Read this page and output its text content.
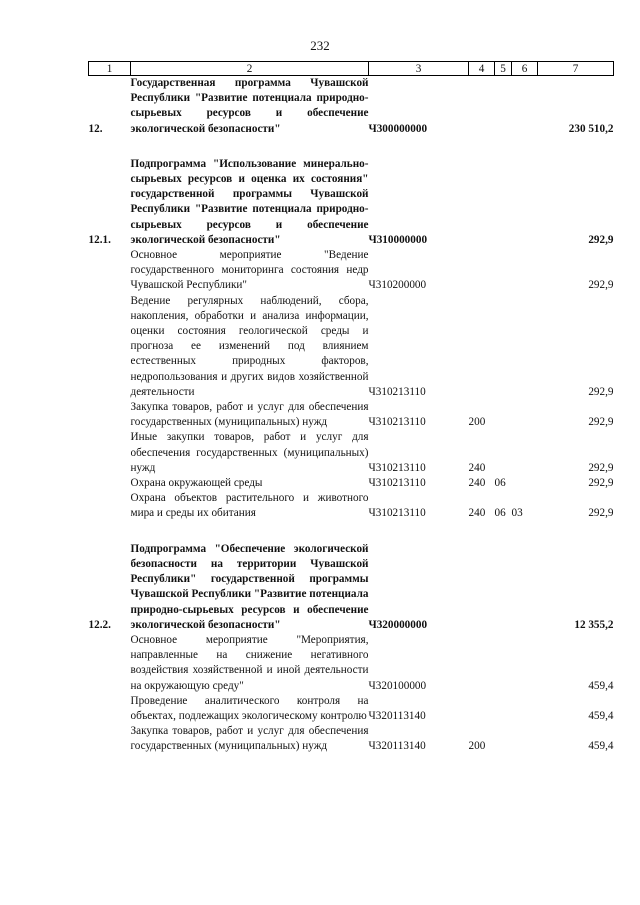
232
1	2	3	4	5	6	7
12.	Государственная программа Чувашской Республики "Развитие потенциала природно-сырьевых ресурсов и обеспечение экологической безопасности"	Ч300000000				230 510,2

12.1.	Подпрограмма "Использование минерально-сырьевых ресурсов и оценка их состояния" государственной программы Чувашской Республики "Развитие потенциала природно-сырьевых ресурсов и обеспечение экологической безопасности"	Ч310000000				292,9
	Основное мероприятие "Ведение государственного мониторинга состояния недр Чувашской Республики"	Ч310200000				292,9
	Ведение регулярных наблюдений, сбора, накопления, обработки и анализа информации, оценки состояния геологической среды и прогноза ее изменений под влиянием естественных природных факторов, недропользования и других видов хозяйственной деятельности	Ч310213110				292,9
	Закупка товаров, работ и услуг для обеспечения государственных (муниципальных) нужд	Ч310213110	200			292,9
	Иные закупки товаров, работ и услуг для обеспечения государственных (муниципальных) нужд	Ч310213110	240			292,9
	Охрана окружающей среды	Ч310213110	240	06		292,9
	Охрана объектов растительного и животного мира и среды их обитания	Ч310213110	240	06	03	292,9

12.2.	Подпрограмма "Обеспечение экологической безопасности на территории Чувашской Республики" государственной программы Чувашской Республики "Развитие потенциала природно-сырьевых ресурсов и обеспечение экологической безопасности"	Ч320000000				12 355,2
	Основное мероприятие "Мероприятия, направленные на снижение негативного воздействия хозяйственной и иной деятельности на окружающую среду"	Ч320100000				459,4
	Проведение аналитического контроля на объектах, подлежащих экологическому контролю	Ч320113140				459,4
	Закупка товаров, работ и услуг для обеспечения государственных (муниципальных) нужд	Ч320113140	200			459,4
